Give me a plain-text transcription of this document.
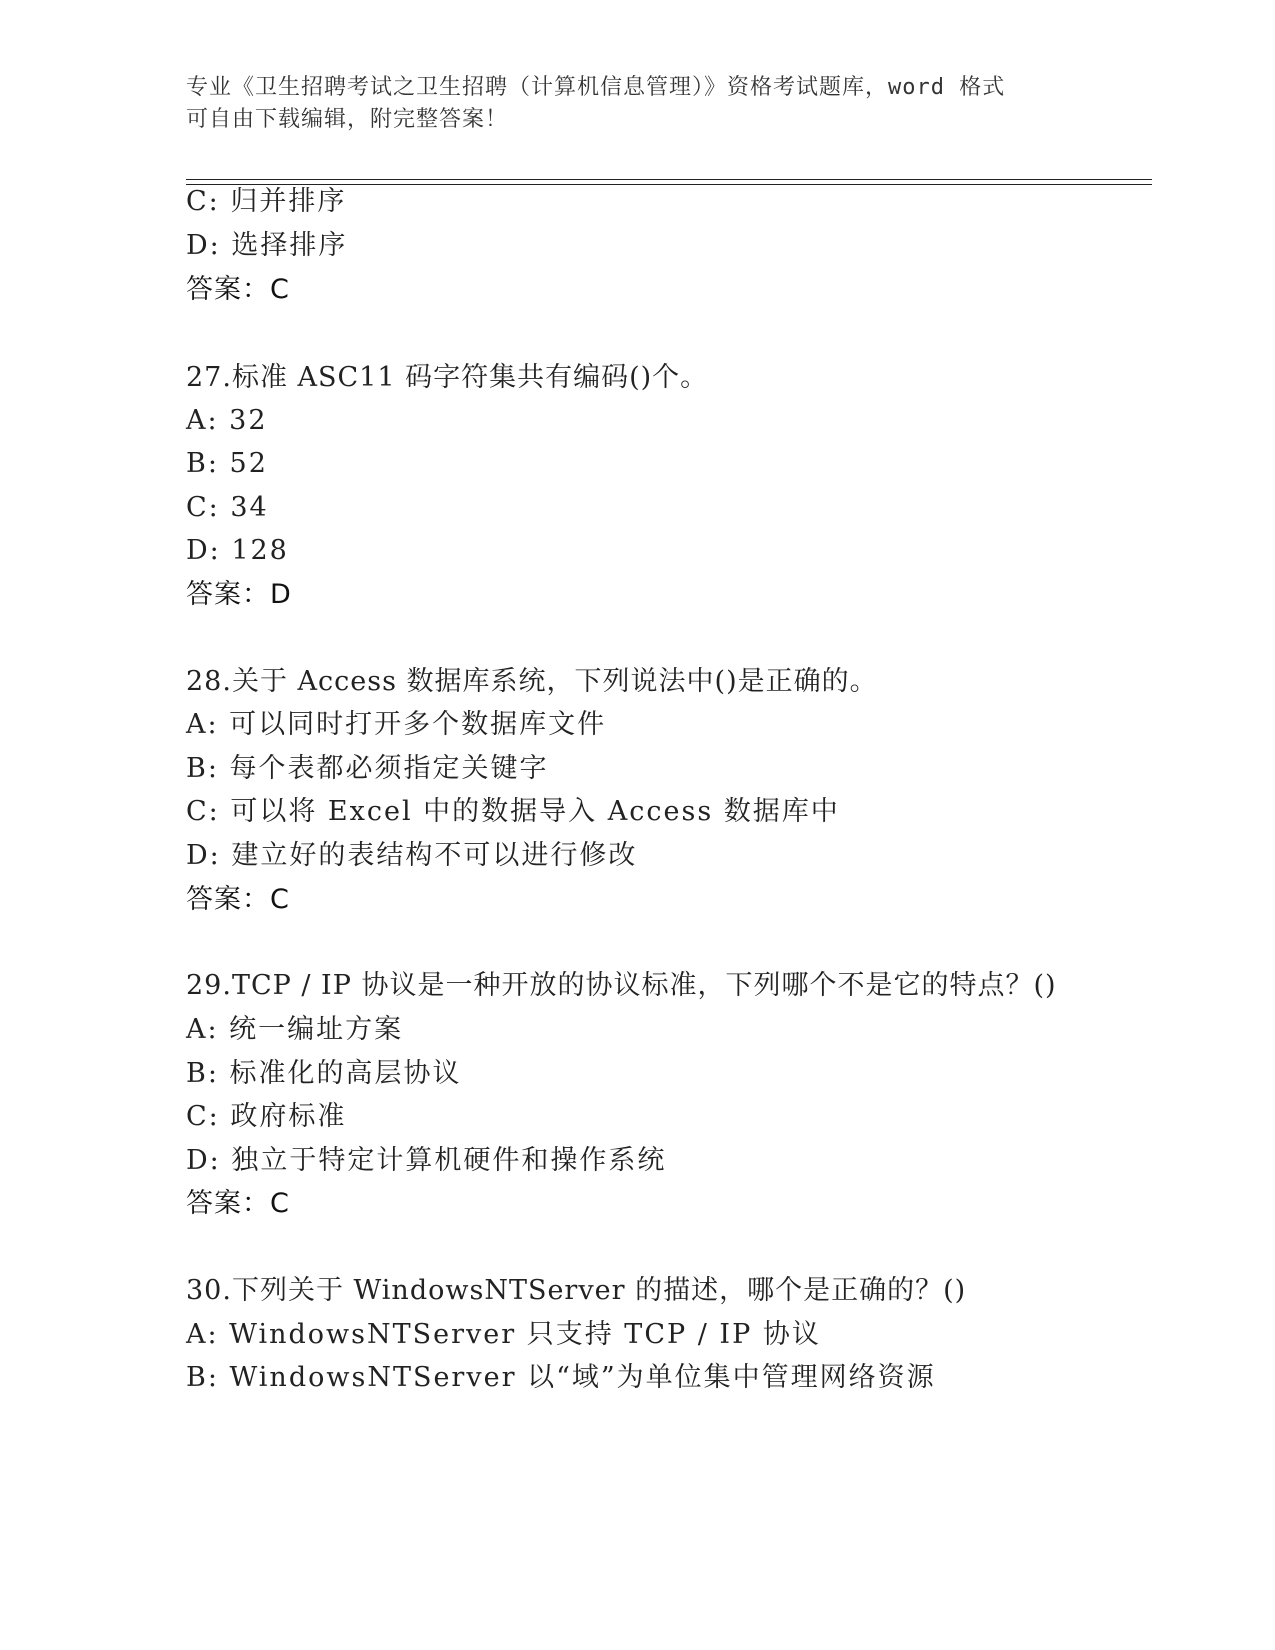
专业《卫生招聘考试之卫生招聘（计算机信息管理）》资格考试题库，word 格式
可自由下载编辑，附完整答案！
C: 归并排序
D: 选择排序
答案：C
27.标准 ASC11 码字符集共有编码()个。
A: 32
B: 52
C: 34
D: 128
答案：D
28.关于 Access 数据库系统，下列说法中()是正确的。
A: 可以同时打开多个数据库文件
B: 每个表都必须指定关键字
C: 可以将 Excel 中的数据导入 Access 数据库中
D: 建立好的表结构不可以进行修改
答案：C
29.TCP / IP 协议是一种开放的协议标准，下列哪个不是它的特点？()
A: 统一编址方案
B: 标准化的高层协议
C: 政府标准
D: 独立于特定计算机硬件和操作系统
答案：C
30.下列关于 WindowsNTServer 的描述，哪个是正确的？()
A: WindowsNTServer 只支持 TCP / IP 协议
B: WindowsNTServer 以“域”为单位集中管理网络资源
